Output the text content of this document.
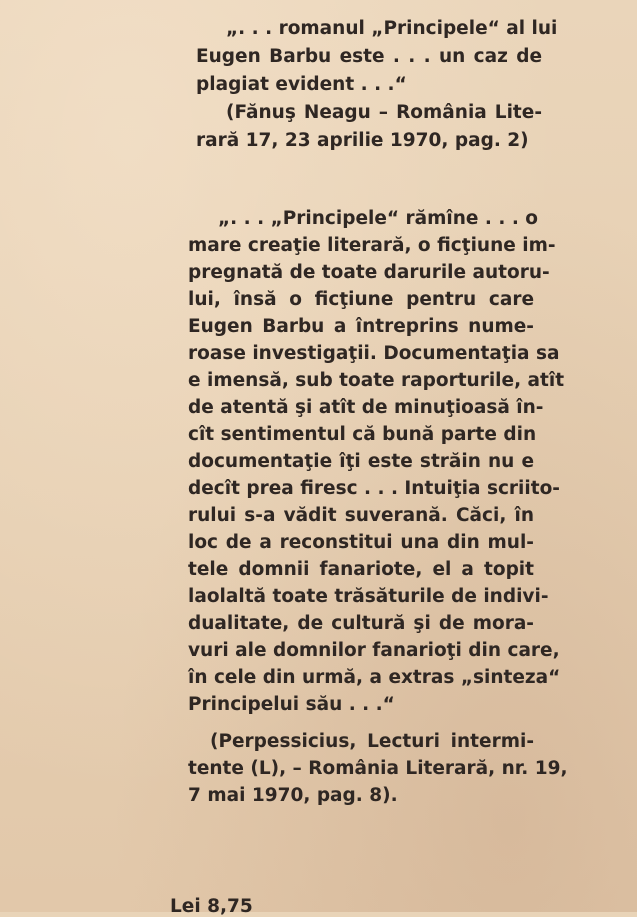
„. . . romanul „Principele“ al lui
Eugen Barbu este . . . un caz de
plagiat evident . . .“
(Fănuş Neagu – România Lite-
rară 17, 23 aprilie 1970, pag. 2)
„. . . „Principele“ rămîne . . . o
mare creaţie literară, o ficţiune im-
pregnată de toate darurile autoru-
lui, însă o ficţiune pentru care
Eugen Barbu a întreprins nume-
roase investigaţii. Documentaţia sa
e imensă, sub toate raporturile, atît
de atentă şi atît de minuţioasă în-
cît sentimentul că bună parte din
documentaţie îţi este străin nu e
decît prea firesc . . . Intuiţia scriito-
rului s-a vădit suverană. Căci, în
loc de a reconstitui una din mul-
tele domnii fanariote, el a topit
laolaltă toate trăsăturile de indivi-
dualitate, de cultură şi de mora-
vuri ale domnilor fanarioţi din care,
în cele din urmă, a extras „sinteza“
Principelui său . . .“
(Perpessicius, Lecturi intermi-
tente (L), – România Literară, nr. 19,
7 mai 1970, pag. 8).
Lei 8,75
